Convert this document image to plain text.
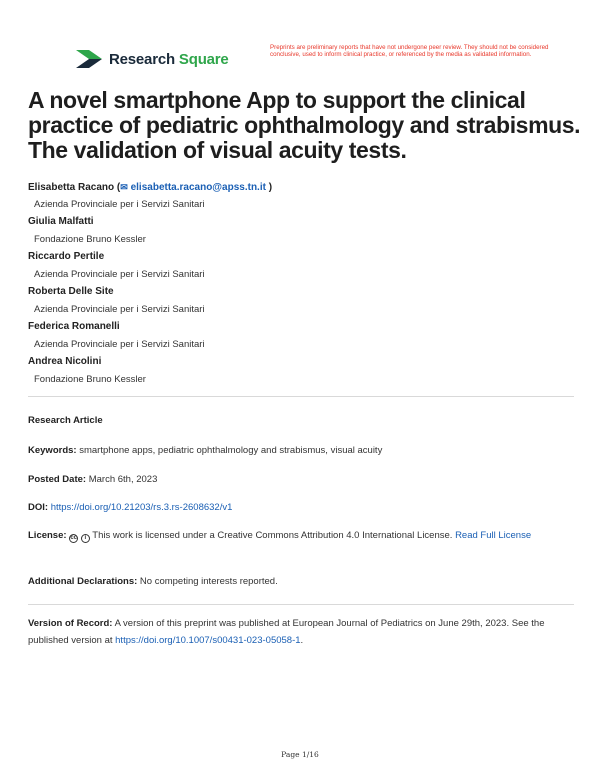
Research Square
Preprints are preliminary reports that have not undergone peer review. They should not be considered conclusive, used to inform clinical practice, or referenced by the media as validated information.
A novel smartphone App to support the clinical practice of pediatric ophthalmology and strabismus. The validation of visual acuity tests.
Elisabetta Racano (✉ elisabetta.racano@apss.tn.it )
Azienda Provinciale per i Servizi Sanitari
Giulia Malfatti
Fondazione Bruno Kessler
Riccardo Pertile
Azienda Provinciale per i Servizi Sanitari
Roberta Delle Site
Azienda Provinciale per i Servizi Sanitari
Federica Romanelli
Azienda Provinciale per i Servizi Sanitari
Andrea Nicolini
Fondazione Bruno Kessler
Research Article
Keywords: smartphone apps, pediatric ophthalmology and strabismus, visual acuity
Posted Date: March 6th, 2023
DOI: https://doi.org/10.21203/rs.3.rs-2608632/v1
License: cc i This work is licensed under a Creative Commons Attribution 4.0 International License. Read Full License
Additional Declarations: No competing interests reported.
Version of Record: A version of this preprint was published at European Journal of Pediatrics on June 29th, 2023. See the published version at https://doi.org/10.1007/s00431-023-05058-1.
Page 1/16
